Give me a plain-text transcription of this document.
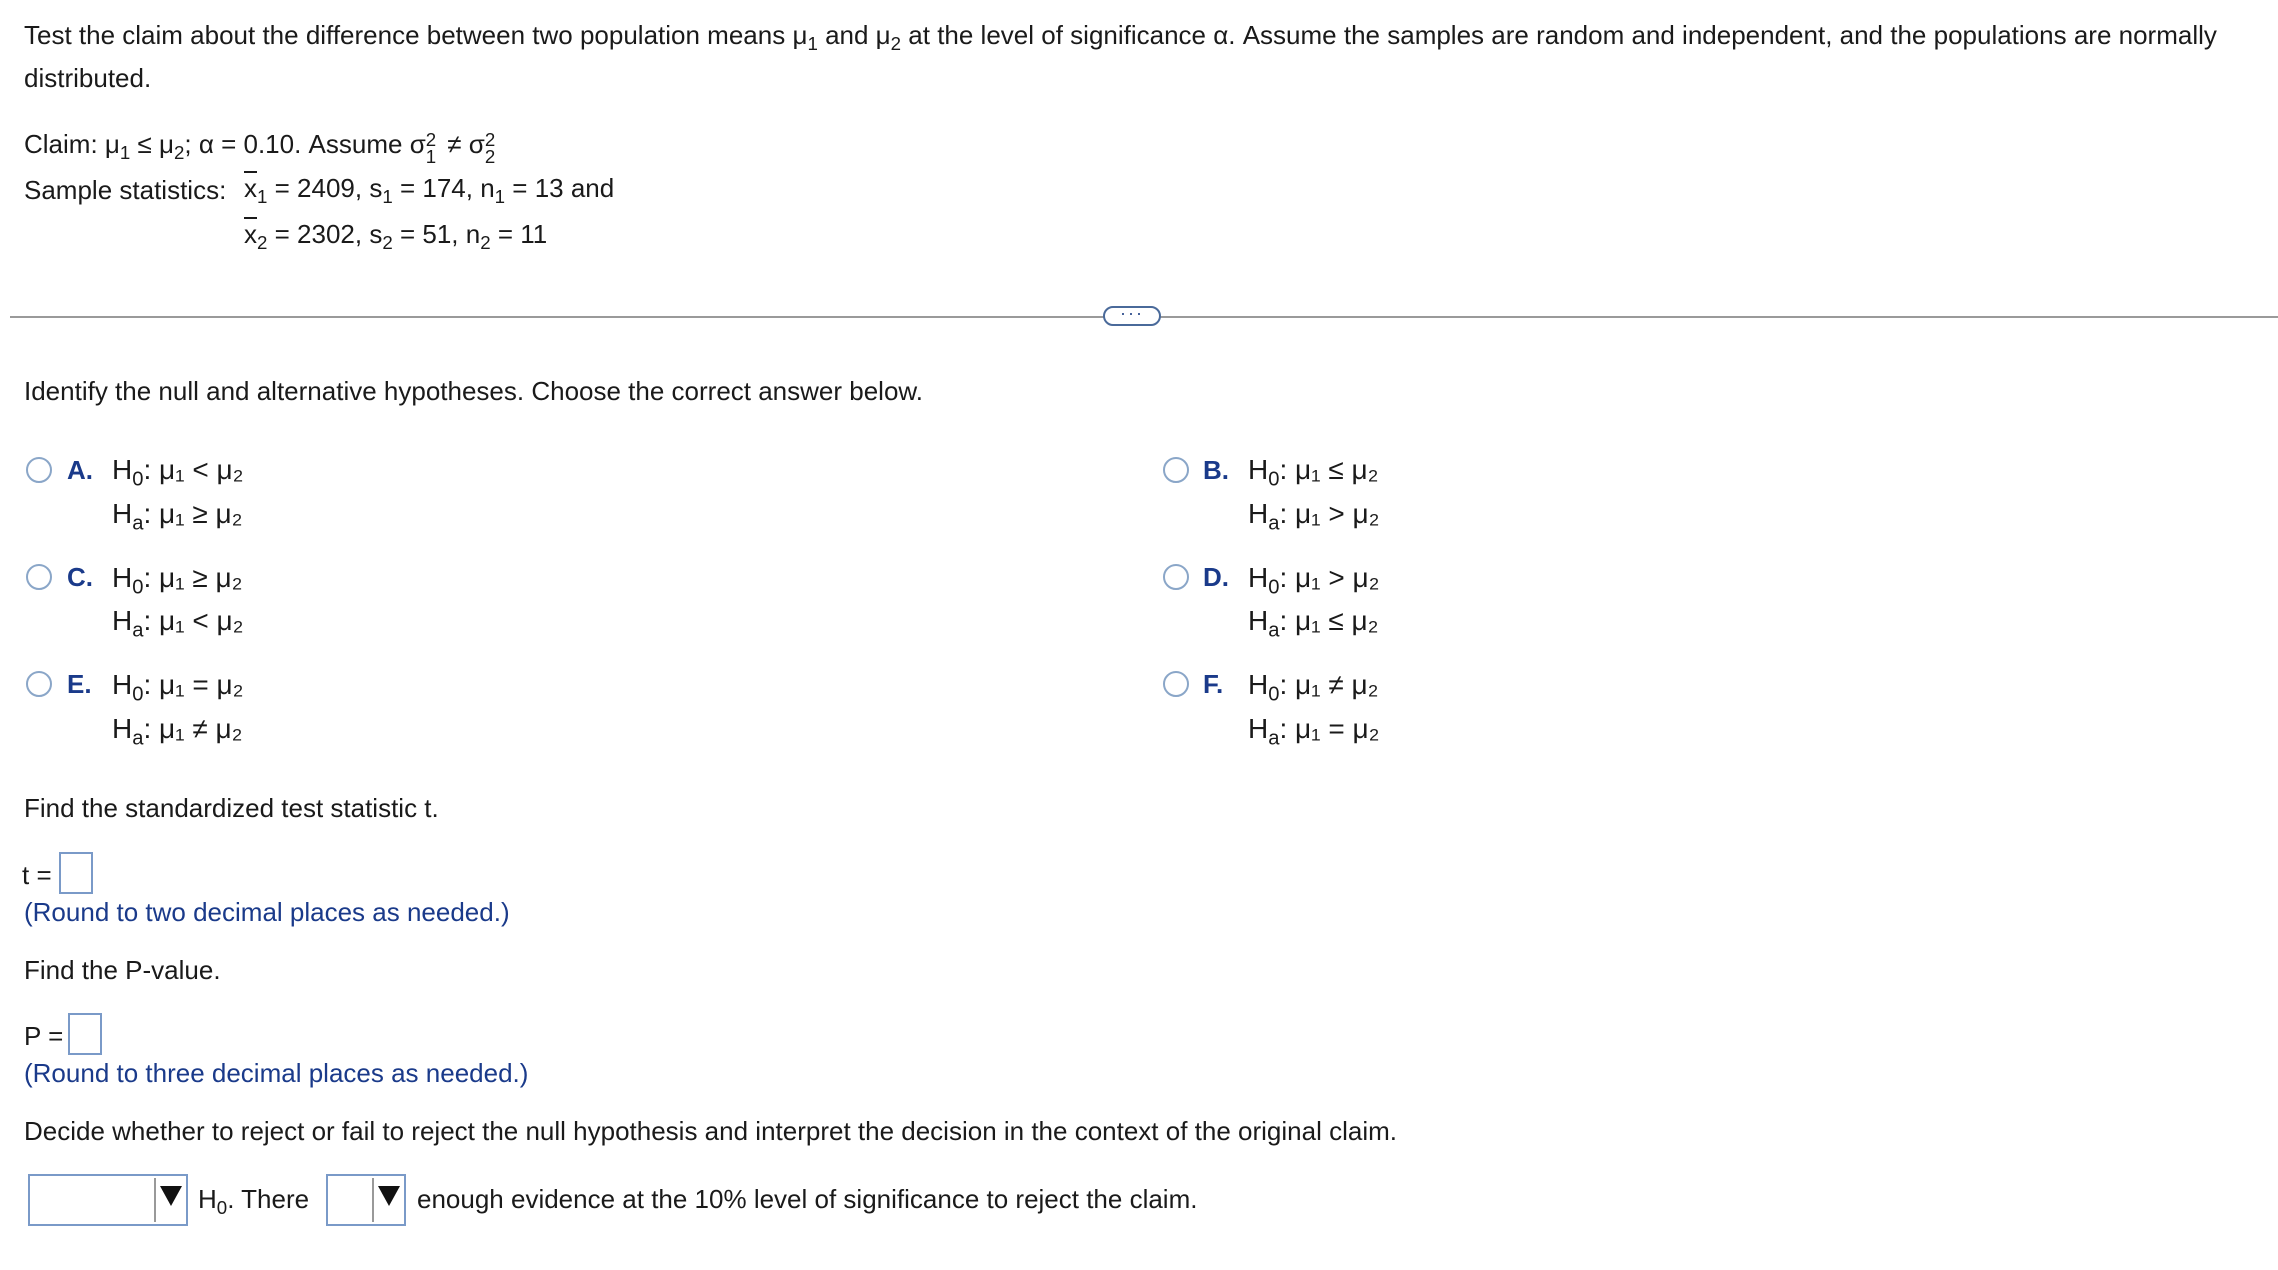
Test the claim about the difference between two population means $\mu_1$ and $\mu_2$ at the level of significance α. Assume the samples are random and independent, and the populations are normally
distributed.
Claim: $\mu_1 \le \mu_2$; α = 0.10. Assume σ 2
1 ≠ σ 2
2
Sample statistics: $\overline{x}_1 = 2409$, $s_1 = 174$, $n_1 = 13$ and
$\overline{x}_2 = 2302$, $s_2 = 51$, $n_2 = 11$
···
Identify the null and alternative hypotheses. Choose the correct answer below.
A. $H_0$: μ₁ < μ₂
$H_a$: μ₁ ≥ μ₂
B. $H_0$: μ₁ ≤ μ₂
$H_a$: μ₁ > μ₂
C. $H_0$: μ₁ ≥ μ₂
$H_a$: μ₁ < μ₂
D. $H_0$: μ₁ > μ₂
$H_a$: μ₁ ≤ μ₂
E. $H_0$: μ₁ = μ₂
$H_a$: μ₁ ≠ μ₂
F. $H_0$: μ₁ ≠ μ₂
$H_a$: μ₁ = μ₂
Find the standardized test statistic t.
t =
(Round to two decimal places as needed.)
Find the P-value.
P =
(Round to three decimal places as needed.)
Decide whether to reject or fail to reject the null hypothesis and interpret the decision in the context of the original claim.
$H_0$. There	enough evidence at the 10% level of significance to reject the claim.
